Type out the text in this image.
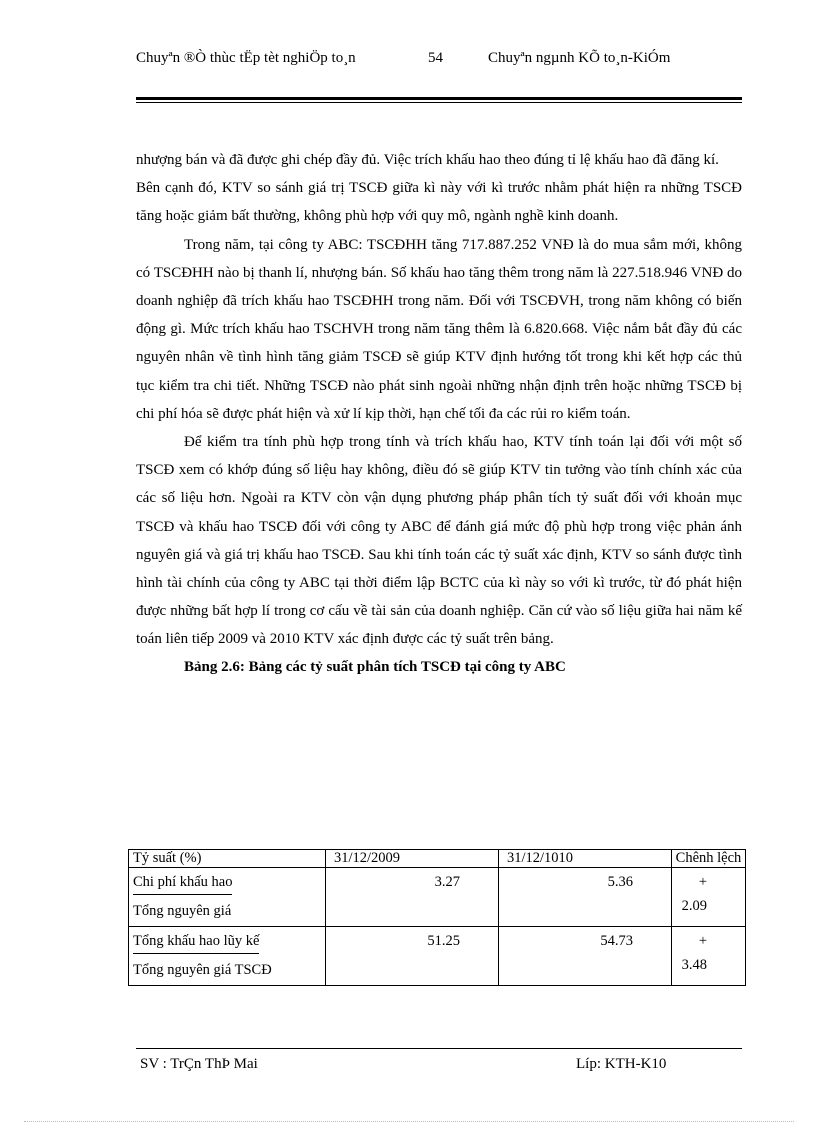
Chuyªn ®Ò thùc tËp tèt nghiÖp to¸n	54	Chuyªn ngµnh KÕ to¸n-KiÓm

nhượng bán và đã được ghi chép đầy đủ. Việc trích khấu hao theo đúng tỉ lệ khấu hao đã đăng kí.

Bên cạnh đó, KTV so sánh giá trị TSCĐ giữa kì này với kì trước nhằm phát hiện ra những TSCĐ tăng hoặc giảm bất thường, không phù hợp với quy mô, ngành nghề kinh doanh.

Trong năm, tại công ty ABC: TSCĐHH tăng 717.887.252 VNĐ là do mua sắm mới, không có TSCĐHH nào bị thanh lí, nhượng bán. Số khấu hao tăng thêm trong năm là 227.518.946 VNĐ do doanh nghiệp đã trích khấu hao TSCĐHH trong năm. Đối với TSCĐVH, trong năm không có biến động gì. Mức trích khấu hao TSCHVH trong năm tăng thêm là 6.820.668. Việc nắm bắt đầy đủ các nguyên nhân về tình hình tăng giảm TSCĐ sẽ giúp KTV định hướng tốt trong khi kết hợp các thủ tục kiểm tra chi tiết. Những TSCĐ nào phát sinh ngoài những nhận định trên hoặc những TSCĐ bị chi phí hóa sẽ được phát hiện và xử lí kịp thời, hạn chế tối đa các rủi ro kiểm toán.

Để kiểm tra tính phù hợp trong tính và trích khấu hao, KTV tính toán lại đối với một số TSCĐ xem có khớp đúng số liệu hay không, điều đó sẽ giúp KTV tin tưởng vào tính chính xác của các số liệu hơn. Ngoài ra KTV còn vận dụng phương pháp phân tích tỷ suất đối với khoản mục TSCĐ và khấu hao TSCĐ đối với công ty ABC để đánh giá mức độ phù hợp trong việc phản ánh nguyên giá và giá trị khấu hao TSCĐ. Sau khi tính toán các tỷ suất xác định, KTV so sánh được tình hình tài chính của công ty ABC tại thời điểm lập BCTC của kì này so với kì trước, từ đó phát hiện được những bất hợp lí trong cơ cấu về tài sản của doanh nghiệp. Căn cứ vào số liệu giữa hai năm kế toán liên tiếp 2009 và 2010 KTV xác định được các tỷ suất trên bảng.

Bảng 2.6: Bảng các tỷ suất phân tích TSCĐ tại công ty ABC

Tỷ suất (%)	31/12/2009	31/12/1010	Chênh lệch

Chi phí khấu hao
Tổng nguyên giá	3.27	5.36	+ 2.09

Tổng khấu hao lũy kế
Tổng nguyên giá TSCĐ	51.25	54.73	+ 3.48
SV : TrÇn ThÞ Mai	Líp: KTH-K10
